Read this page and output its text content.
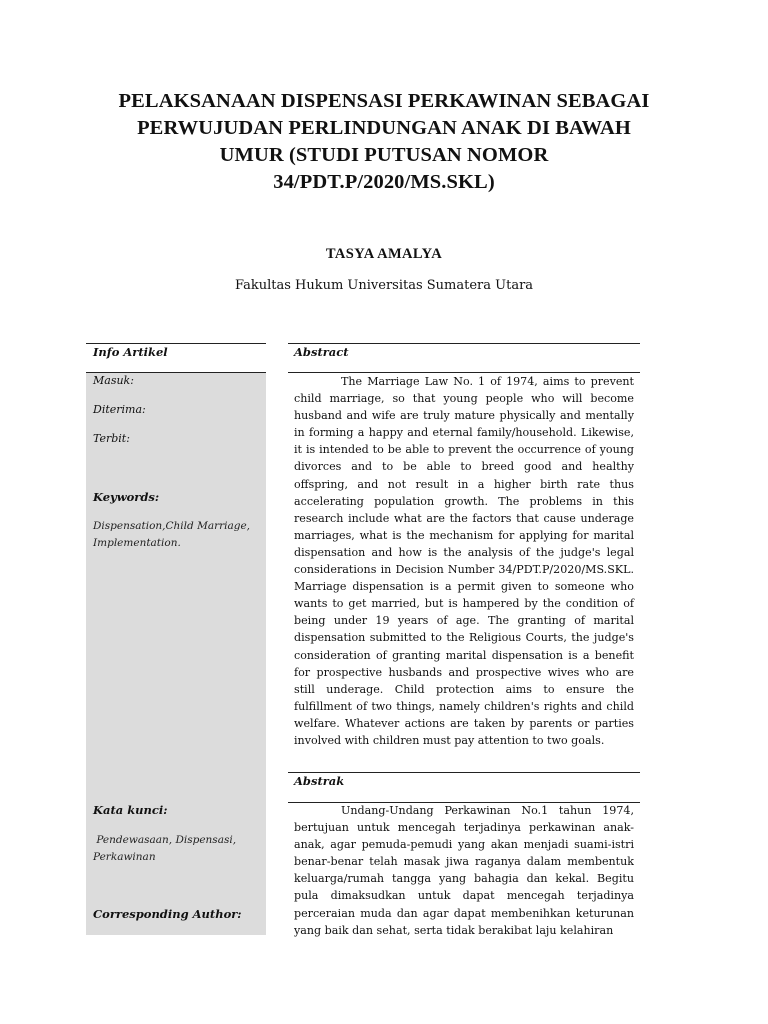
PELAKSANAAN DISPENSASI PERKAWINAN SEBAGAI
PERWUJUDAN PERLINDUNGAN ANAK DI BAWAH
UMUR (STUDI PUTUSAN NOMOR
34/PDT.P/2020/MS.SKL)
TASYA AMALYA
Fakultas Hukum Universitas Sumatera Utara
Info Artikel
Masuk:
Diterima:
Terbit:
Keywords:
Dispensation,Child Marriage, Implementation.
Kata kunci:
Pendewasaan, Dispensasi, Perkawinan
Corresponding Author:
Abstract
The Marriage Law No. 1 of 1974, aims to prevent child marriage, so that young people who will become husband and wife are truly mature physically and mentally in forming a happy and eternal family/household. Likewise, it is intended to be able to prevent the occurrence of young divorces and to be able to breed good and healthy offspring, and not result in a higher birth rate thus accelerating population growth. The problems in this research include what are the factors that cause underage marriages, what is the mechanism for applying for marital dispensation and how is the analysis of the judge's legal considerations in Decision Number 34/PDT.P/2020/MS.SKL. Marriage dispensation is a permit given to someone who wants to get married, but is hampered by the condition of being under 19 years of age. The granting of marital dispensation submitted to the Religious Courts, the judge's consideration of granting marital dispensation is a benefit for prospective husbands and prospective wives who are still underage. Child protection aims to ensure the fulfillment of two things, namely children's rights and child welfare. Whatever actions are taken by parents or parties involved with children must pay attention to two goals.
Abstrak
Undang-Undang Perkawinan No.1 tahun 1974, bertujuan untuk mencegah terjadinya perkawinan anak-anak, agar pemuda-pemudi yang akan menjadi suami-istri benar-benar telah masak jiwa raganya dalam membentuk keluarga/rumah tangga yang bahagia dan kekal. Begitu pula dimaksudkan untuk dapat mencegah terjadinya perceraian muda dan agar dapat membenihkan keturunan yang baik dan sehat, serta tidak berakibat laju kelahiran
